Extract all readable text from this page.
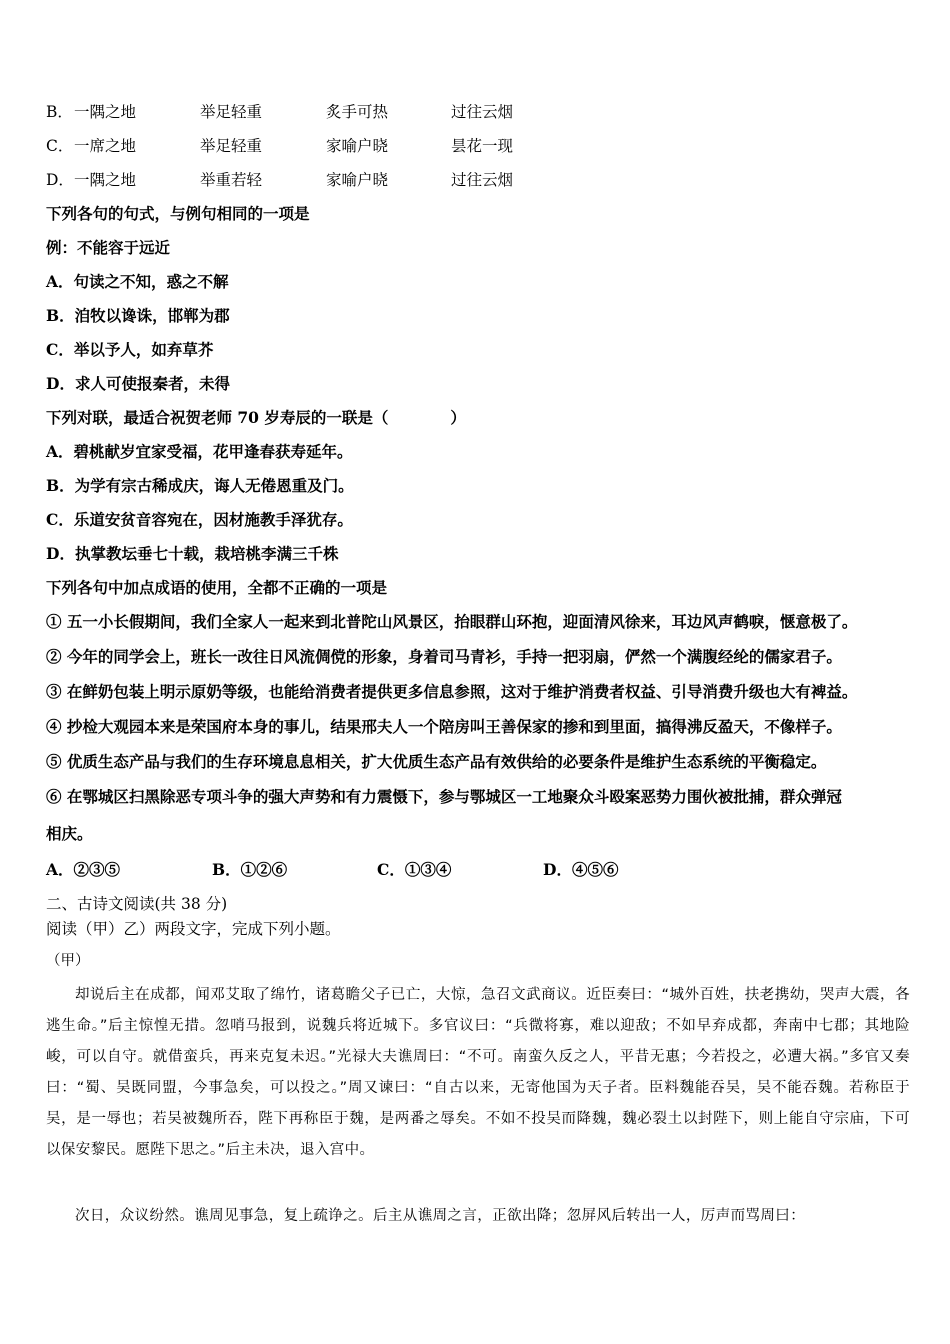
B． 一隅之地	举足轻重	炙手可热	过往云烟
C． 一席之地	举足轻重	家喻户晓	昙花一现
D． 一隅之地	举重若轻	家喻户晓	过往云烟
下列各句的句式，与例句相同的一项是
例：不能容于远近
A．句读之不知，惑之不解
B．洎牧以谗诛，邯郸为郡
C．举以予人，如弃草芥
D．求人可使报秦者，未得
下列对联，最适合祝贺老师 70 岁寿辰的一联是（　　　　）
A．碧桃献岁宜家受福，花甲逢春获寿延年。
B．为学有宗古稀成庆，诲人无倦恩重及门。
C．乐道安贫音容宛在，因材施教手泽犹存。
D．执掌教坛垂七十载，栽培桃李满三千株
下列各句中加点成语的使用，全都不正确的一项是
① 五一小长假期间，我们全家人一起来到北普陀山风景区，抬眼群山环抱，迎面清风徐来，耳边风声鹤唳，惬意极了。
② 今年的同学会上，班长一改往日风流倜傥的形象，身着司马青衫，手持一把羽扇，俨然一个满腹经纶的儒家君子。
③ 在鲜奶包装上明示原奶等级，也能给消费者提供更多信息参照，这对于维护消费者权益、引导消费升级也大有裨益。
④ 抄检大观园本来是荣国府本身的事儿，结果邢夫人一个陪房叫王善保家的掺和到里面，搞得沸反盈天，不像样子。
⑤ 优质生态产品与我们的生存环境息息相关，扩大优质生态产品有效供给的必要条件是维护生态系统的平衡稳定。
⑥ 在鄂城区扫黑除恶专项斗争的强大声势和有力震慑下，参与鄂城区一工地聚众斗殴案恶势力围伙被批捕，群众弹冠
相庆。
A．②③⑤	B．①②⑥	C．①③④	D．④⑤⑥
二、古诗文阅读(共 38 分)
阅读（甲）乙）两段文字，完成下列小题。
（甲）
却说后主在成都，闻邓艾取了绵竹，诸葛瞻父子已亡，大惊，急召文武商议。近臣奏曰：“城外百姓，扶老携幼，哭声大震，各逃生命。”后主惊惶无措。忽哨马报到，说魏兵将近城下。多官议曰：“兵微将寡，难以迎敌；不如早弃成都，奔南中七郡；其地险峻，可以自守。就借蛮兵，再来克复未迟。”光禄大夫谯周曰：“不可。南蛮久反之人，平昔无惠；今若投之，必遭大祸。”多官又奏曰：“蜀、吴既同盟，今事急矣，可以投之。”周又谏曰：“自古以来，无寄他国为天子者。臣料魏能吞吴，吴不能吞魏。若称臣于吴，是一辱也；若吴被魏所吞，陛下再称臣于魏，是两番之辱矣。不如不投吴而降魏，魏必裂土以封陛下，则上能自守宗庙，下可以保安黎民。愿陛下思之。”后主未决，退入宫中。
次日，众议纷然。谯周见事急，复上疏诤之。后主从谯周之言，正欲出降；忽屏风后转出一人，厉声而骂周曰：
